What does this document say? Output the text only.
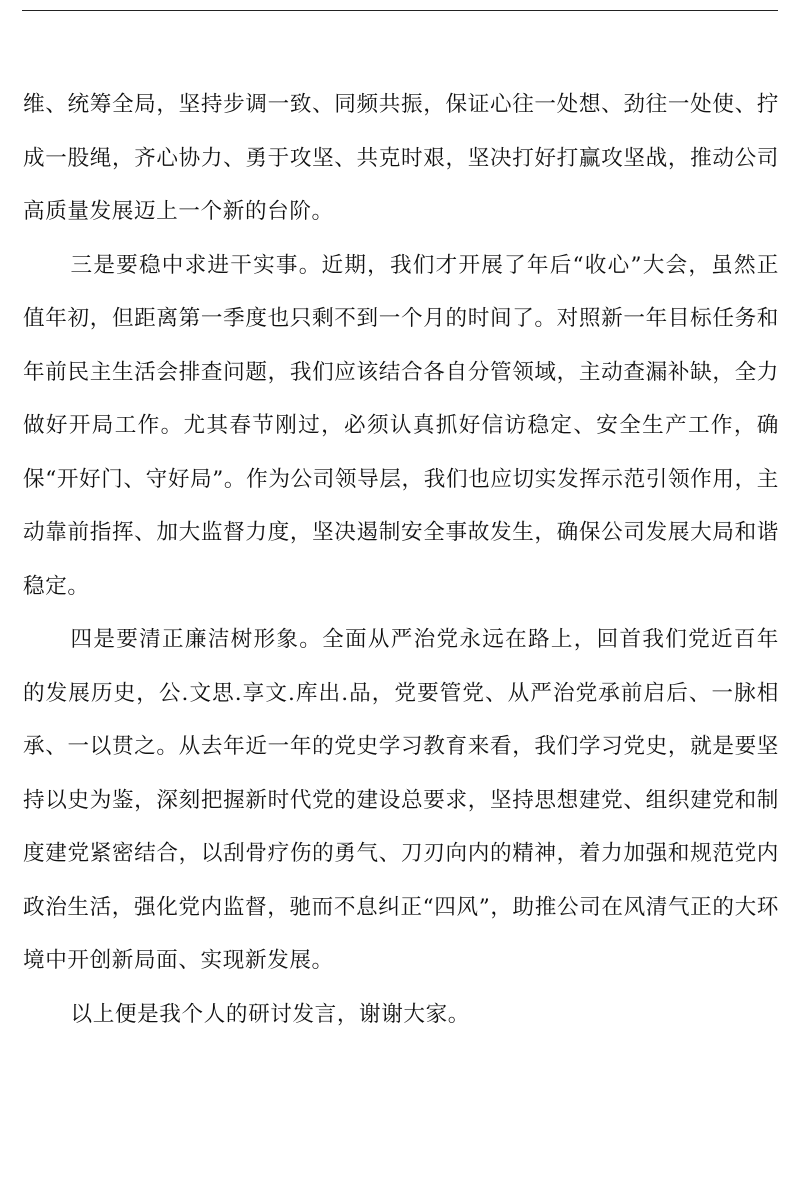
维、统筹全局，坚持步调一致、同频共振，保证心往一处想、劲往一处使、拧成一股绳，齐心协力、勇于攻坚、共克时艰，坚决打好打赢攻坚战，推动公司高质量发展迈上一个新的台阶。

三是要稳中求进干实事。近期，我们才开展了年后“收心”大会，虽然正值年初，但距离第一季度也只剩不到一个月的时间了。对照新一年目标任务和年前民主生活会排查问题，我们应该结合各自分管领域，主动查漏补缺，全力做好开局工作。尤其春节刚过，必须认真抓好信访稳定、安全生产工作，确保“开好门、守好局”。作为公司领导层，我们也应切实发挥示范引领作用，主动靠前指挥、加大监督力度，坚决遏制安全事故发生，确保公司发展大局和谐稳定。

四是要清正廉洁树形象。全面从严治党永远在路上，回首我们党近百年的发展历史，公.文思.享文.库出.品，党要管党、从严治党承前启后、一脉相承、一以贯之。从去年近一年的党史学习教育来看，我们学习党史，就是要坚持以史为鉴，深刻把握新时代党的建设总要求，坚持思想建党、组织建党和制度建党紧密结合，以刮骨疗伤的勇气、刀刃向内的精神，着力加强和规范党内政治生活，强化党内监督，驰而不息纠正“四风”，助推公司在风清气正的大环境中开创新局面、实现新发展。

以上便是我个人的研讨发言，谢谢大家。
